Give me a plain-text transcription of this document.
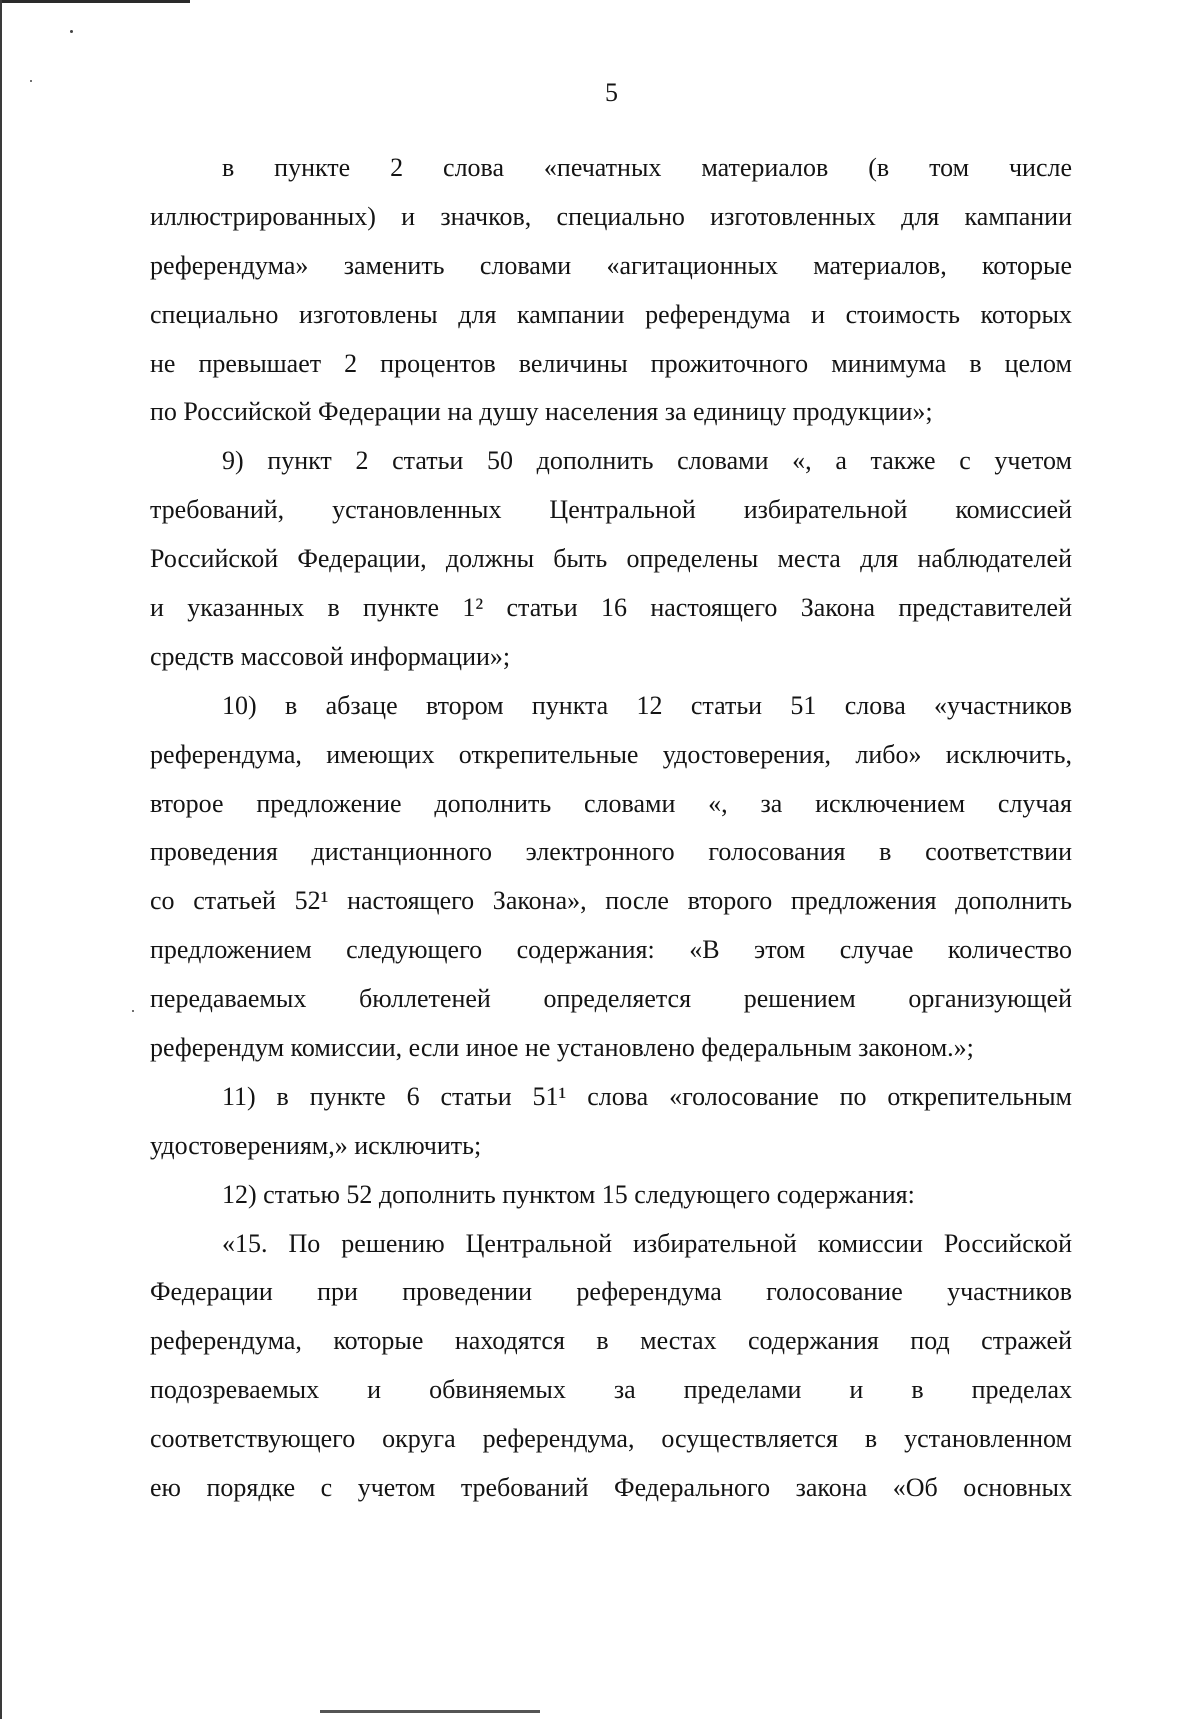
5
в пункте 2 слова «печатных материалов (в том числе
иллюстрированных) и значков, специально изготовленных для кампании
референдума» заменить словами «агитационных материалов, которые
специально изготовлены для кампании референдума и стоимость которых
не превышает 2 процентов величины прожиточного минимума в целом
по Российской Федерации на душу населения за единицу продукции»;
9) пункт 2 статьи 50 дополнить словами «, а также с учетом
требований, установленных Центральной избирательной комиссией
Российской Федерации, должны быть определены места для наблюдателей
и указанных в пункте 1² статьи 16 настоящего Закона представителей
средств массовой информации»;
10) в абзаце втором пункта 12 статьи 51 слова «участников
референдума, имеющих открепительные удостоверения, либо» исключить,
второе предложение дополнить словами «, за исключением случая
проведения дистанционного электронного голосования в соответствии
со статьей 52¹ настоящего Закона», после второго предложения дополнить
предложением следующего содержания: «В этом случае количество
передаваемых бюллетеней определяется решением организующей
референдум комиссии, если иное не установлено федеральным законом.»;
11) в пункте 6 статьи 51¹ слова «голосование по открепительным
удостоверениям,» исключить;
12) статью 52 дополнить пунктом 15 следующего содержания:
«15. По решению Центральной избирательной комиссии Российской
Федерации при проведении референдума голосование участников
референдума, которые находятся в местах содержания под стражей
подозреваемых и обвиняемых за пределами и в пределах
соответствующего округа референдума, осуществляется в установленном
ею порядке с учетом требований Федерального закона «Об основных
